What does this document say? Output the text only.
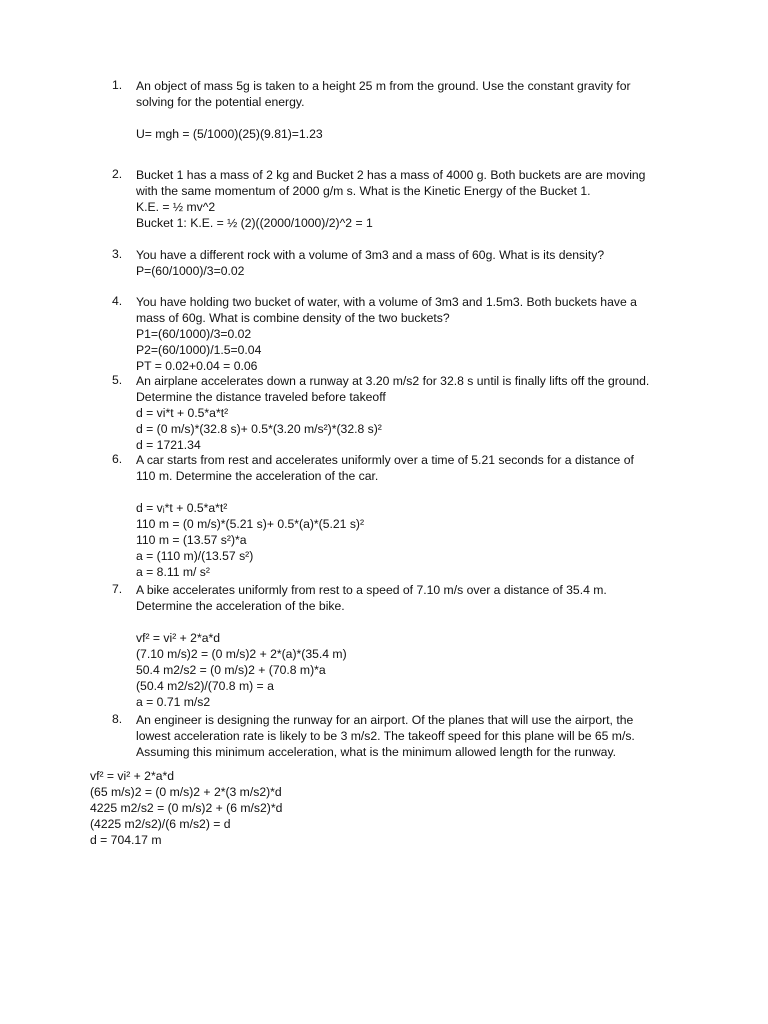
1.	An object of mass 5g is taken to a height 25 m from the ground. Use the constant gravity for
solving for the potential energy.
U= mgh = (5/1000)(25)(9.81)=1.23
2.	Bucket 1 has a mass of 2 kg and Bucket 2 has a mass of 4000 g. Both buckets are are moving
with the same momentum of 2000 g/m s. What is the Kinetic Energy of the Bucket 1.
K.E. = ½ mv^2
Bucket 1: K.E. = ½ (2)((2000/1000)/2)^2 = 1
3.	You have a different rock with a volume of 3m3 and a mass of 60g. What is its density?
P=(60/1000)/3=0.02
4.	You have holding two bucket of water, with a volume of 3m3 and 1.5m3. Both buckets have a
mass of 60g. What is combine density of the two buckets?
P1=(60/1000)/3=0.02
P2=(60/1000)/1.5=0.04
PT = 0.02+0.04 = 0.06
5.	An airplane accelerates down a runway at 3.20 m/s2 for 32.8 s until is finally lifts off the ground.
Determine the distance traveled before takeoff
d = vi*t + 0.5*a*t²
d = (0 m/s)*(32.8 s)+ 0.5*(3.20 m/s²)*(32.8 s)²
d = 1721.34
6.	A car starts from rest and accelerates uniformly over a time of 5.21 seconds for a distance of
110 m. Determine the acceleration of the car.
d = vᵢ*t + 0.5*a*t²
110 m = (0 m/s)*(5.21 s)+ 0.5*(a)*(5.21 s)²
110 m = (13.57 s²)*a
a = (110 m)/(13.57 s²)
a = 8.11 m/ s²
7.	A bike accelerates uniformly from rest to a speed of 7.10 m/s over a distance of 35.4 m.
Determine the acceleration of the bike.
vf² = vi² + 2*a*d
(7.10 m/s)2 = (0 m/s)2 + 2*(a)*(35.4 m)
50.4 m2/s2 = (0 m/s)2 + (70.8 m)*a
(50.4 m2/s2)/(70.8 m) = a
a = 0.71 m/s2
8.	An engineer is designing the runway for an airport. Of the planes that will use the airport, the
lowest acceleration rate is likely to be 3 m/s2. The takeoff speed for this plane will be 65 m/s.
Assuming this minimum acceleration, what is the minimum allowed length for the runway.
vf² = vi² + 2*a*d
(65 m/s)2 = (0 m/s)2 + 2*(3 m/s2)*d
4225 m2/s2 = (0 m/s)2 + (6 m/s2)*d
(4225 m2/s2)/(6 m/s2) = d
d = 704.17 m
